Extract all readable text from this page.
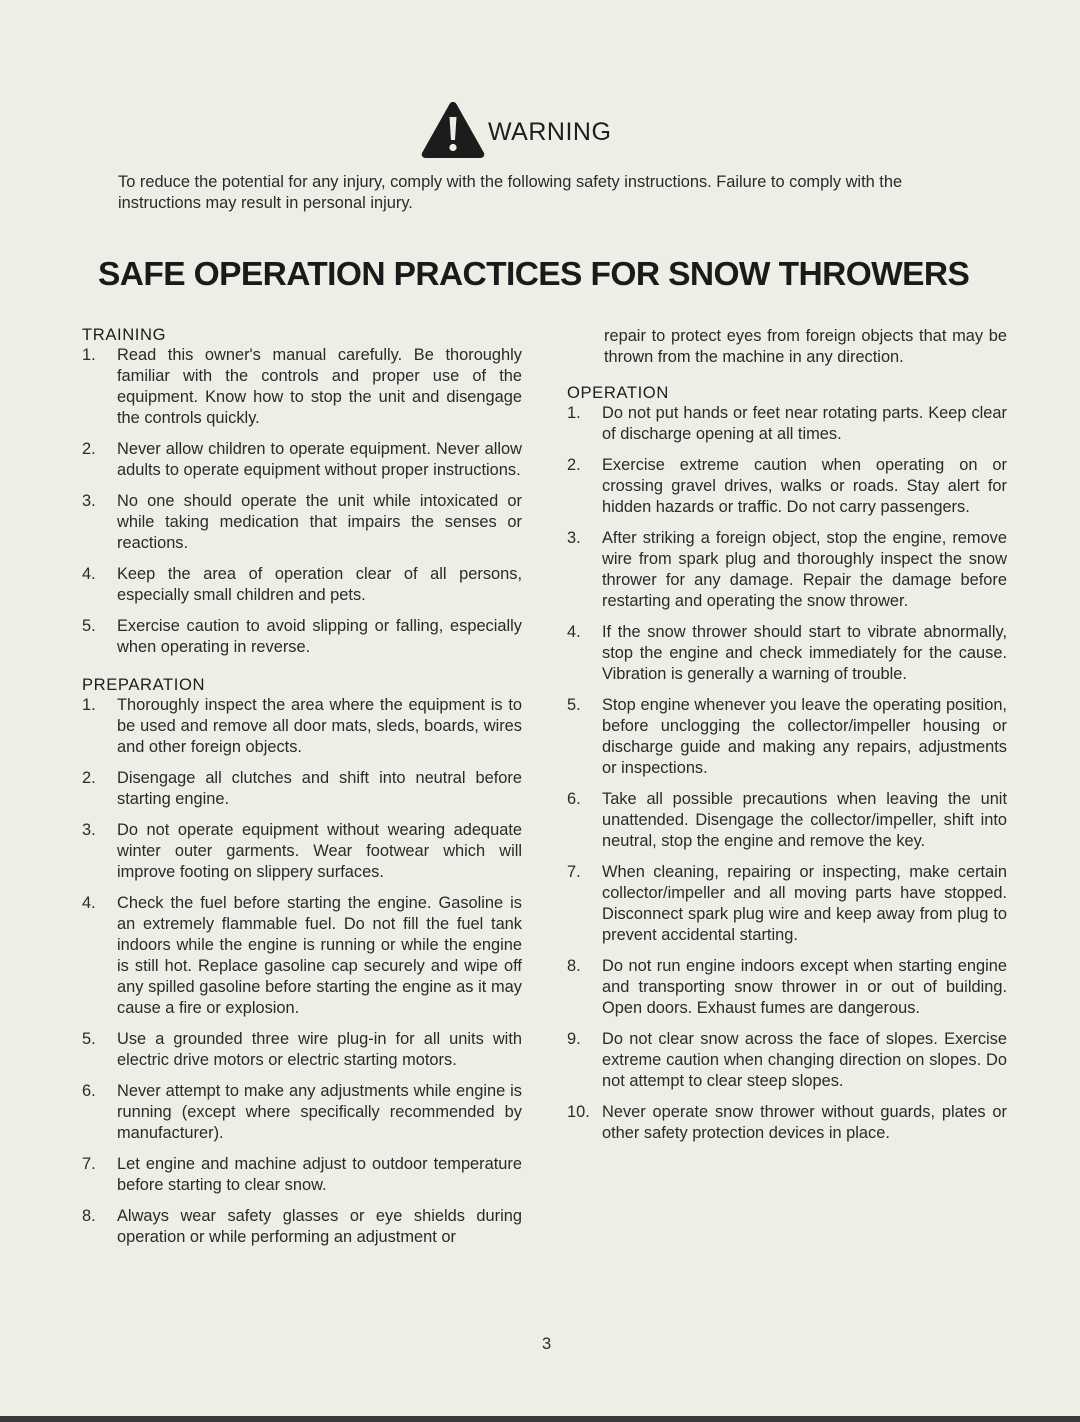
WARNING
To reduce the potential for any injury, comply with the following safety instructions. Failure to comply with the instructions may result in personal injury.
SAFE OPERATION PRACTICES FOR SNOW THROWERS
TRAINING
1.	Read this owner's manual carefully. Be thoroughly familiar with the controls and proper use of the equipment. Know how to stop the unit and disengage the controls quickly.
2.	Never allow children to operate equipment. Never allow adults to operate equipment without proper instructions.
3.	No one should operate the unit while intoxicated or while taking medication that impairs the senses or reactions.
4.	Keep the area of operation clear of all persons, especially small children and pets.
5.	Exercise caution to avoid slipping or falling, especially when operating in reverse.
PREPARATION
1.	Thoroughly inspect the area where the equipment is to be used and remove all door mats, sleds, boards, wires and other foreign objects.
2.	Disengage all clutches and shift into neutral before starting engine.
3.	Do not operate equipment without wearing adequate winter outer garments. Wear footwear which will improve footing on slippery surfaces.
4.	Check the fuel before starting the engine. Gasoline is an extremely flammable fuel. Do not fill the fuel tank indoors while the engine is running or while the engine is still hot. Replace gasoline cap securely and wipe off any spilled gasoline before starting the engine as it may cause a fire or explosion.
5.	Use a grounded three wire plug-in for all units with electric drive motors or electric starting motors.
6.	Never attempt to make any adjustments while engine is running (except where specifically recommended by manufacturer).
7.	Let engine and machine adjust to outdoor temperature before starting to clear snow.
8.	Always wear safety glasses or eye shields during operation or while performing an adjustment or
repair to protect eyes from foreign objects that may be thrown from the machine in any direction.
OPERATION
1.	Do not put hands or feet near rotating parts. Keep clear of discharge opening at all times.
2.	Exercise extreme caution when operating on or crossing gravel drives, walks or roads. Stay alert for hidden hazards or traffic. Do not carry passengers.
3.	After striking a foreign object, stop the engine, remove wire from spark plug and thoroughly inspect the snow thrower for any damage. Repair the damage before restarting and operating the snow thrower.
4.	If the snow thrower should start to vibrate abnormally, stop the engine and check immediately for the cause. Vibration is generally a warning of trouble.
5.	Stop engine whenever you leave the operating position, before unclogging the collector/impeller housing or discharge guide and making any repairs, adjustments or inspections.
6.	Take all possible precautions when leaving the unit unattended. Disengage the collector/impeller, shift into neutral, stop the engine and remove the key.
7.	When cleaning, repairing or inspecting, make certain collector/impeller and all moving parts have stopped. Disconnect spark plug wire and keep away from plug to prevent accidental starting.
8.	Do not run engine indoors except when starting engine and transporting snow thrower in or out of building. Open doors. Exhaust fumes are dangerous.
9.	Do not clear snow across the face of slopes. Exercise extreme caution when changing direction on slopes. Do not attempt to clear steep slopes.
10. Never operate snow thrower without guards, plates or other safety protection devices in place.
3
